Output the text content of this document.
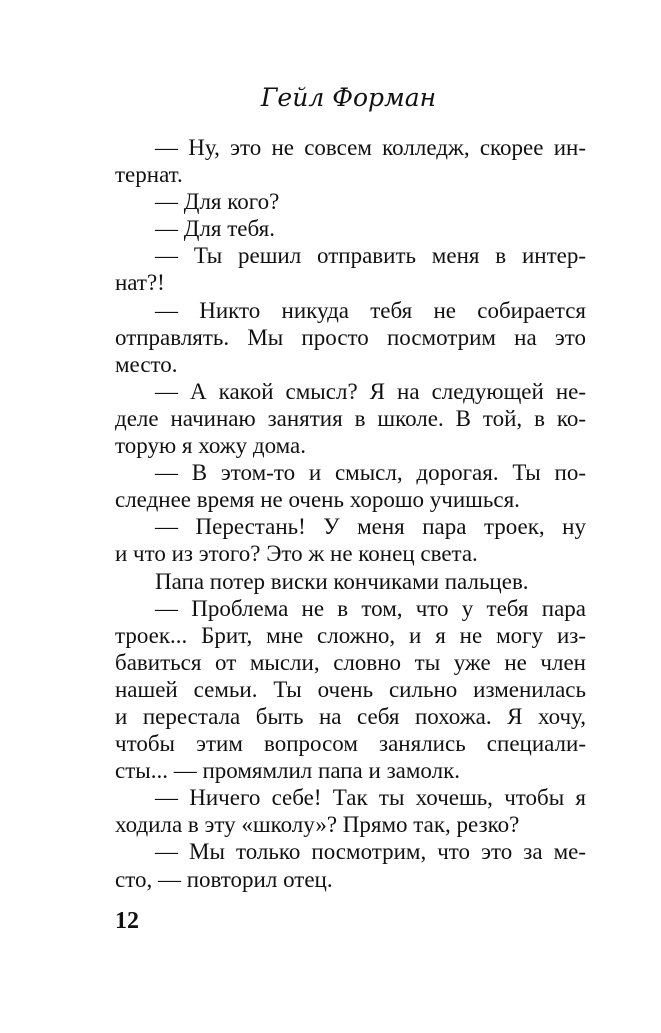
Гейл Форман
— Ну, это не совсем колледж, скорее ин-
тернат.
— Для кого?
— Для тебя.
— Ты решил отправить меня в интер-
нат?!
— Никто никуда тебя не собирается
отправлять. Мы просто посмотрим на это
место.
— А какой смысл? Я на следующей не-
деле начинаю занятия в школе. В той, в ко-
торую я хожу дома.
— В этом-то и смысл, дорогая. Ты по-
следнее время не очень хорошо учишься.
— Перестань! У меня пара троек, ну
и что из этого? Это ж не конец света.
Папа потер виски кончиками пальцев.
— Проблема не в том, что у тебя пара
троек... Брит, мне сложно, и я не могу из-
бавиться от мысли, словно ты уже не член
нашей семьи. Ты очень сильно изменилась
и перестала быть на себя похожа. Я хочу,
чтобы этим вопросом занялись специали-
сты... — промямлил папа и замолк.
— Ничего себе! Так ты хочешь, чтобы я
ходила в эту «школу»? Прямо так, резко?
— Мы только посмотрим, что это за ме-
сто, — повторил отец.
12
